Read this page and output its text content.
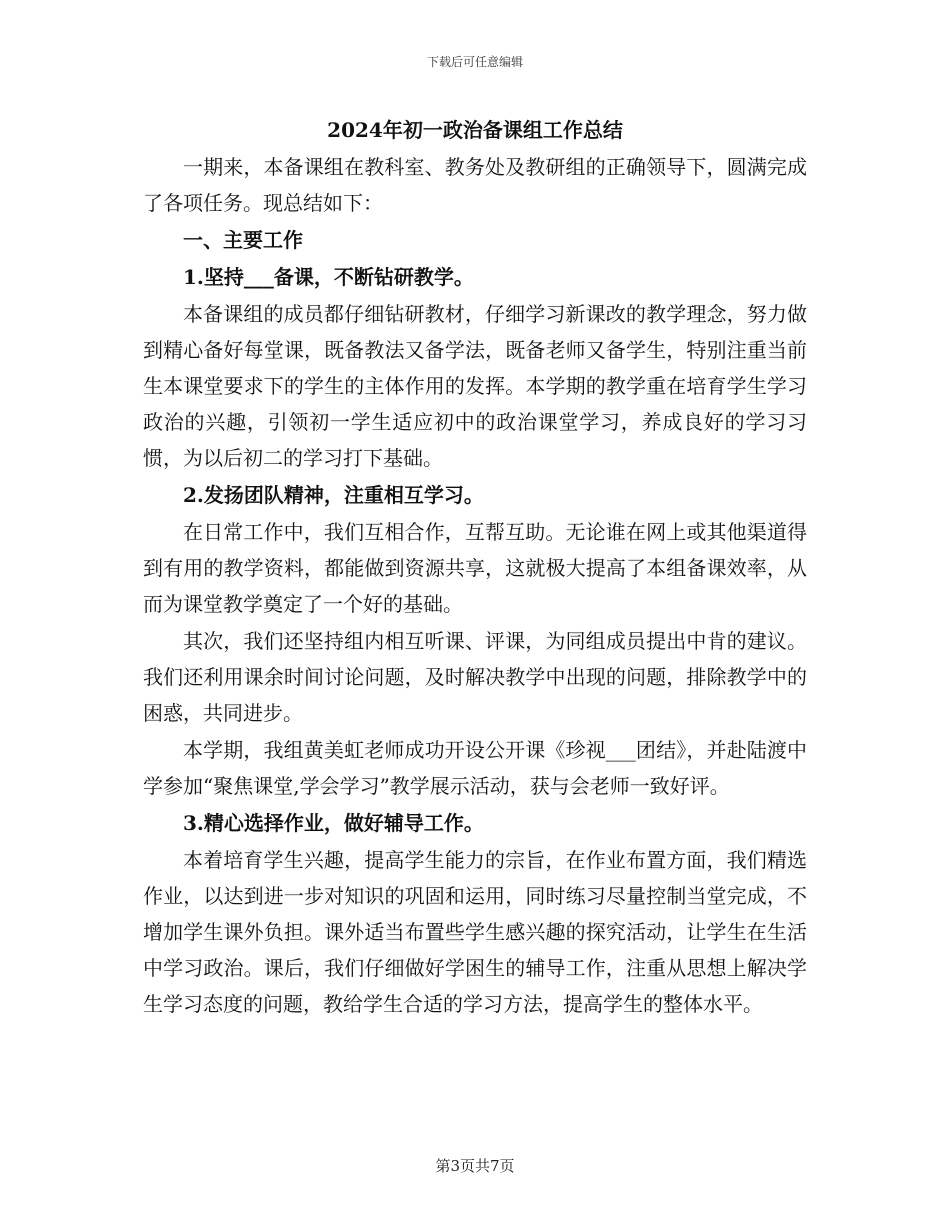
下载后可任意编辑
2024年初一政治备课组工作总结
一期来，本备课组在教科室、教务处及教研组的正确领导下，圆满完成了各项任务。现总结如下：
一、主要工作
1.坚持___备课，不断钻研教学。
本备课组的成员都仔细钻研教材，仔细学习新课改的教学理念，努力做到精心备好每堂课，既备教法又备学法，既备老师又备学生，特别注重当前生本课堂要求下的学生的主体作用的发挥。本学期的教学重在培育学生学习政治的兴趣，引领初一学生适应初中的政治课堂学习，养成良好的学习习惯，为以后初二的学习打下基础。
2.发扬团队精神，注重相互学习。
在日常工作中，我们互相合作，互帮互助。无论谁在网上或其他渠道得到有用的教学资料，都能做到资源共享，这就极大提高了本组备课效率，从而为课堂教学奠定了一个好的基础。
其次，我们还坚持组内相互听课、评课，为同组成员提出中肯的建议。我们还利用课余时间讨论问题，及时解决教学中出现的问题，排除教学中的困惑，共同进步。
本学期，我组黄美虹老师成功开设公开课《珍视___团结》，并赴陆渡中学参加“聚焦课堂,学会学习”教学展示活动，获与会老师一致好评。
3.精心选择作业，做好辅导工作。
本着培育学生兴趣，提高学生能力的宗旨，在作业布置方面，我们精选作业，以达到进一步对知识的巩固和运用，同时练习尽量控制当堂完成，不增加学生课外负担。课外适当布置些学生感兴趣的探究活动，让学生在生活中学习政治。课后，我们仔细做好学困生的辅导工作，注重从思想上解决学生学习态度的问题，教给学生合适的学习方法，提高学生的整体水平。
第3页共7页
